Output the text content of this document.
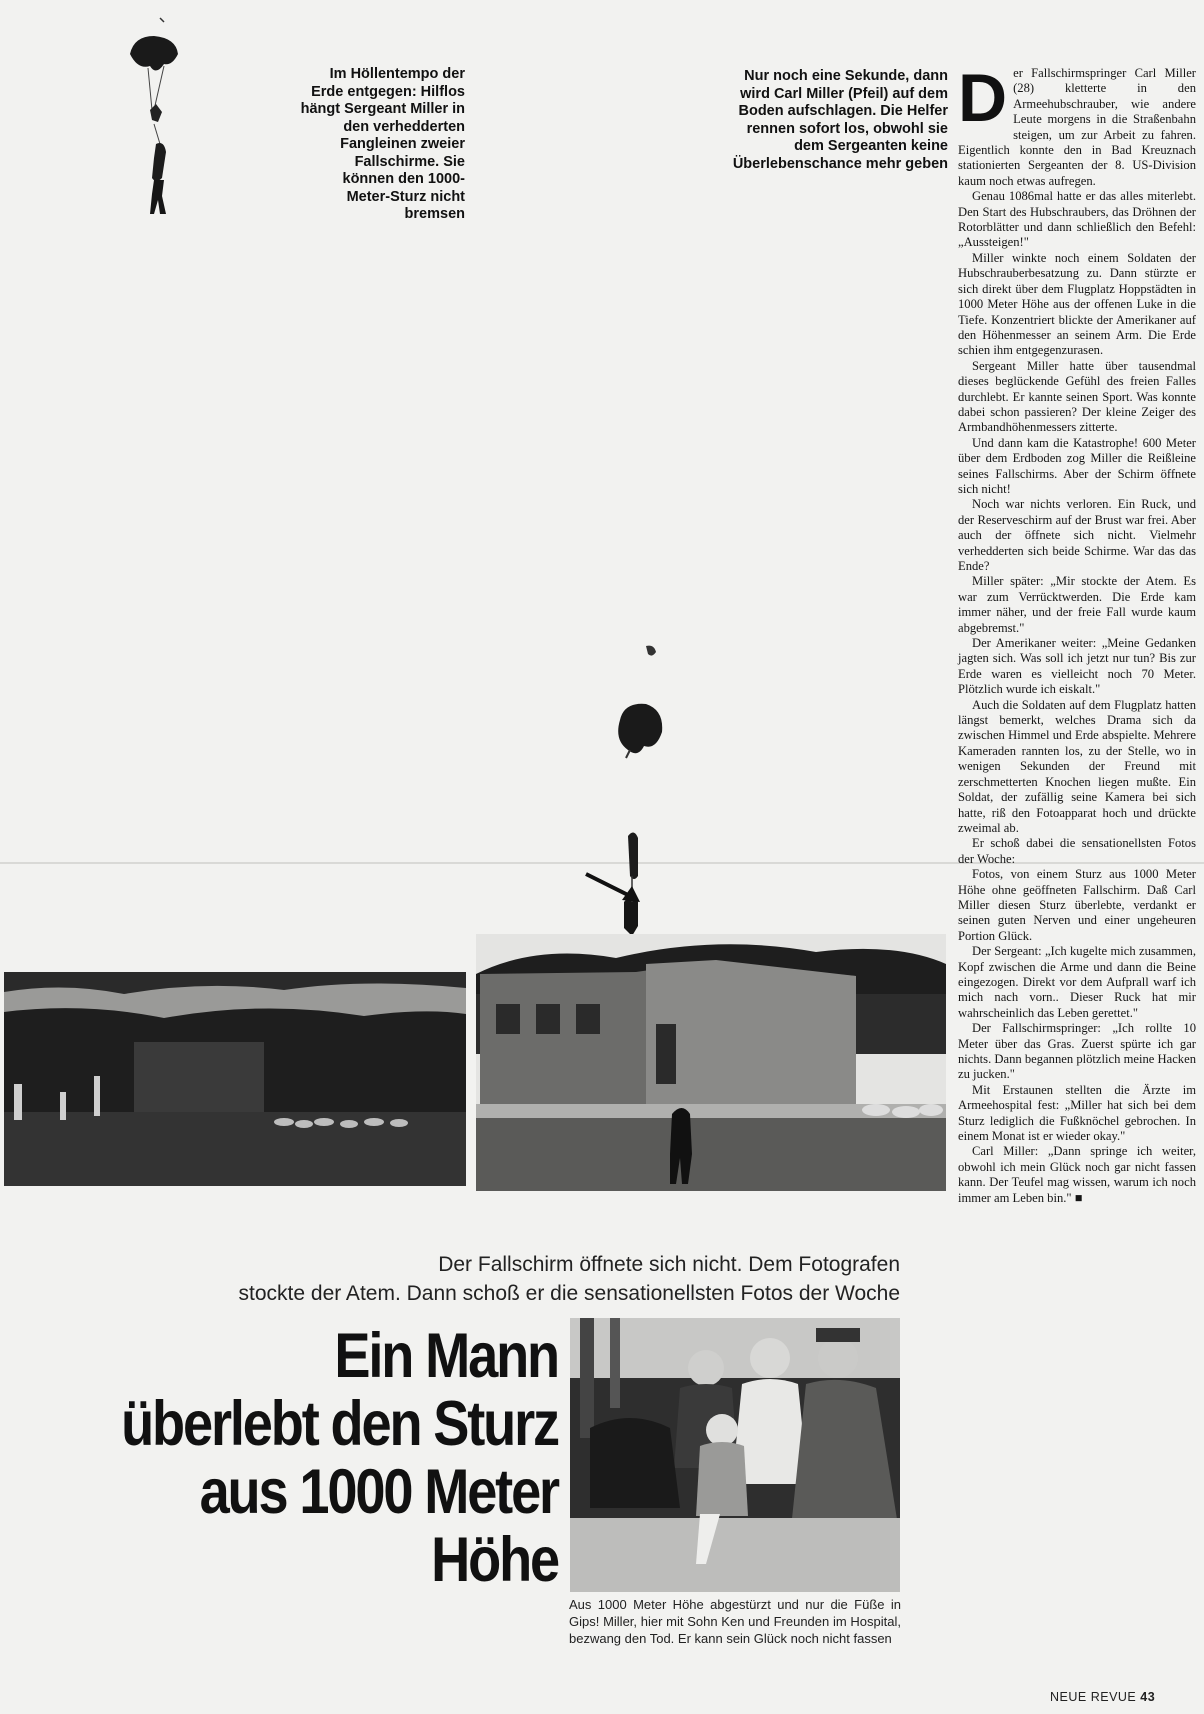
Im Höllentempo der Erde entgegen: Hilflos hängt Sergeant Miller in den verhedderten Fangleinen zweier Fallschirme. Sie können den 1000-Meter-Sturz nicht bremsen
Nur noch eine Sekunde, dann wird Carl Miller (Pfeil) auf dem Boden aufschlagen. Die Helfer rennen sofort los, obwohl sie dem Sergeanten keine Überlebenschance mehr geben

Der Fallschirmspringer Carl Miller (28) kletterte in den Armeehubschrauber, wie andere Leute morgens in die Straßenbahn steigen, um zur Arbeit zu fahren. Eigentlich konnte den in Bad Kreuznach stationierten Sergeanten der 8. US-Division kaum noch etwas aufregen.

Genau 1086mal hatte er das alles miterlebt. Den Start des Hubschraubers, das Dröhnen der Rotorblätter und dann schließlich den Befehl: „Aussteigen!"

Miller winkte noch einem Soldaten der Hubschrauberbesatzung zu. Dann stürzte er sich direkt über dem Flugplatz Hoppstädten in 1000 Meter Höhe aus der offenen Luke in die Tiefe. Konzentriert blickte der Amerikaner auf den Höhenmesser an seinem Arm. Die Erde schien ihm entgegenzurasen.

Sergeant Miller hatte über tausendmal dieses beglückende Gefühl des freien Falles durchlebt. Er kannte seinen Sport. Was konnte dabei schon passieren? Der kleine Zeiger des Armbandhöhenmessers zitterte.

Und dann kam die Katastrophe! 600 Meter über dem Erdboden zog Miller die Reißleine seines Fallschirms. Aber der Schirm öffnete sich nicht!

Noch war nichts verloren. Ein Ruck, und der Reserveschirm auf der Brust war frei. Aber auch der öffnete sich nicht. Vielmehr verhedderten sich beide Schirme. War das das Ende?

Miller später: „Mir stockte der Atem. Es war zum Verrücktwerden. Die Erde kam immer näher, und der freie Fall wurde kaum abgebremst."

Der Amerikaner weiter: „Meine Gedanken jagten sich. Was soll ich jetzt nur tun? Bis zur Erde waren es vielleicht noch 70 Meter. Plötzlich wurde ich eiskalt."

Auch die Soldaten auf dem Flugplatz hatten längst bemerkt, welches Drama sich da zwischen Himmel und Erde abspielte. Mehrere Kameraden rannten los, zu der Stelle, wo in wenigen Sekunden der Freund mit zerschmetterten Knochen liegen mußte. Ein Soldat, der zufällig seine Kamera bei sich hatte, riß den Fotoapparat hoch und drückte zweimal ab.

Er schoß dabei die sensationellsten Fotos der Woche:

Fotos, von einem Sturz aus 1000 Meter Höhe ohne geöffneten Fallschirm. Daß Carl Miller diesen Sturz überlebte, verdankt er seinen guten Nerven und einer ungeheuren Portion Glück.

Der Sergeant: „Ich kugelte mich zusammen, Kopf zwischen die Arme und dann die Beine eingezogen. Direkt vor dem Aufprall warf ich mich nach vorn.. Dieser Ruck hat mir wahrscheinlich das Leben gerettet."

Der Fallschirmspringer: „Ich rollte 10 Meter über das Gras. Zuerst spürte ich gar nichts. Dann begannen plötzlich meine Hacken zu jucken."

Mit Erstaunen stellten die Ärzte im Armeehospital fest: „Miller hat sich bei dem Sturz lediglich die Fußknöchel gebrochen. In einem Monat ist er wieder okay."

Carl Miller: „Dann springe ich weiter, obwohl ich mein Glück noch gar nicht fassen kann. Der Teufel mag wissen, warum ich noch immer am Leben bin." ■

Der Fallschirm öffnete sich nicht. Dem Fotografen
stockte der Atem. Dann schoß er die sensationellsten Fotos der Woche
Ein Mann
überlebt den Sturz
aus 1000 Meter
Höhe
Aus 1000 Meter Höhe abgestürzt und nur die Füße in Gips! Miller, hier mit Sohn Ken und Freunden im Hospital, bezwang den Tod. Er kann sein Glück noch nicht fassen
NEUE REVUE 43
